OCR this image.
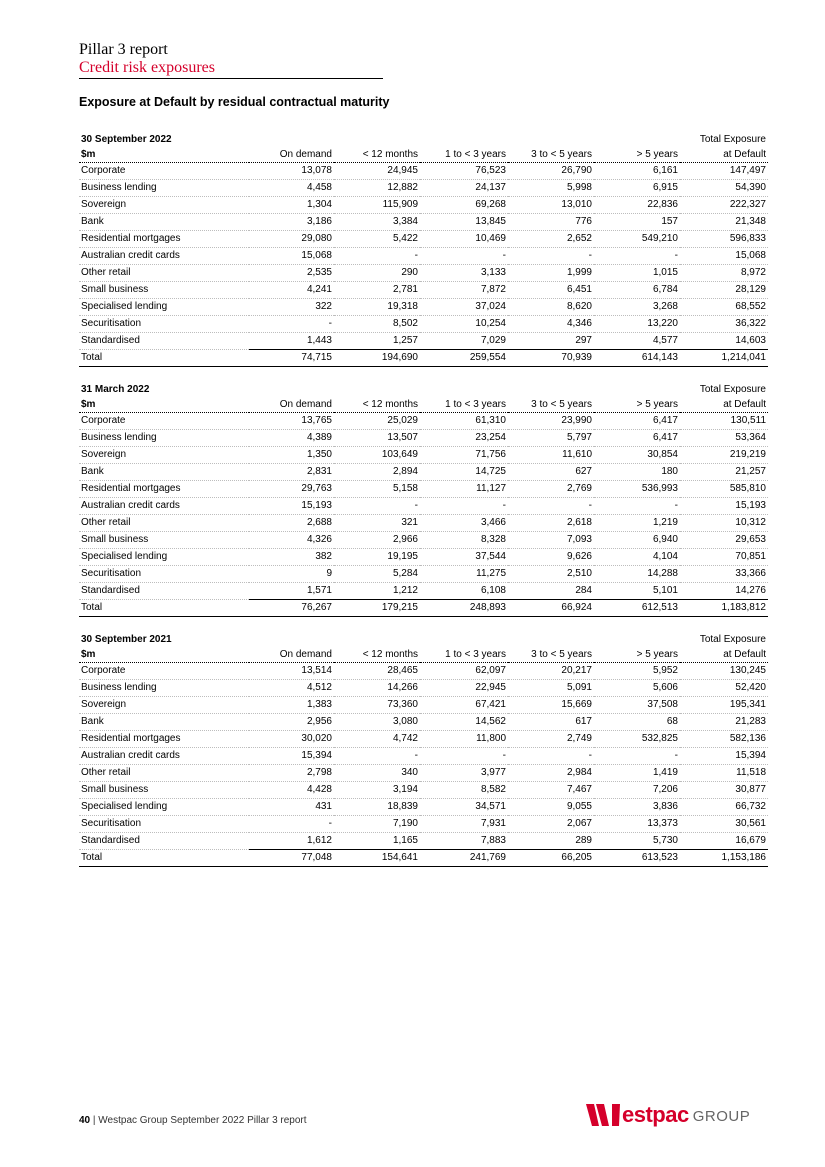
Pillar 3 report
Credit risk exposures
Exposure at Default by residual contractual maturity
30 September 2022						Total Exposure
$m	On demand	< 12 months	1 to < 3 years	3 to < 5 years	> 5 years	at Default
Corporate	13,078	24,945	76,523	26,790	6,161	147,497
Business lending	4,458	12,882	24,137	5,998	6,915	54,390
Sovereign	1,304	115,909	69,268	13,010	22,836	222,327
Bank	3,186	3,384	13,845	776	157	21,348
Residential mortgages	29,080	5,422	10,469	2,652	549,210	596,833
Australian credit cards	15,068	-	-	-	-	15,068
Other retail	2,535	290	3,133	1,999	1,015	8,972
Small business	4,241	2,781	7,872	6,451	6,784	28,129
Specialised lending	322	19,318	37,024	8,620	3,268	68,552
Securitisation	-	8,502	10,254	4,346	13,220	36,322
Standardised	1,443	1,257	7,029	297	4,577	14,603
Total	74,715	194,690	259,554	70,939	614,143	1,214,041
31 March 2022						Total Exposure
$m	On demand	< 12 months	1 to < 3 years	3 to < 5 years	> 5 years	at Default
Corporate	13,765	25,029	61,310	23,990	6,417	130,511
Business lending	4,389	13,507	23,254	5,797	6,417	53,364
Sovereign	1,350	103,649	71,756	11,610	30,854	219,219
Bank	2,831	2,894	14,725	627	180	21,257
Residential mortgages	29,763	5,158	11,127	2,769	536,993	585,810
Australian credit cards	15,193	-	-	-	-	15,193
Other retail	2,688	321	3,466	2,618	1,219	10,312
Small business	4,326	2,966	8,328	7,093	6,940	29,653
Specialised lending	382	19,195	37,544	9,626	4,104	70,851
Securitisation	9	5,284	11,275	2,510	14,288	33,366
Standardised	1,571	1,212	6,108	284	5,101	14,276
Total	76,267	179,215	248,893	66,924	612,513	1,183,812
30 September 2021						Total Exposure
$m	On demand	< 12 months	1 to < 3 years	3 to < 5 years	> 5 years	at Default
Corporate	13,514	28,465	62,097	20,217	5,952	130,245
Business lending	4,512	14,266	22,945	5,091	5,606	52,420
Sovereign	1,383	73,360	67,421	15,669	37,508	195,341
Bank	2,956	3,080	14,562	617	68	21,283
Residential mortgages	30,020	4,742	11,800	2,749	532,825	582,136
Australian credit cards	15,394	-	-	-	-	15,394
Other retail	2,798	340	3,977	2,984	1,419	11,518
Small business	4,428	3,194	8,582	7,467	7,206	30,877
Specialised lending	431	18,839	34,571	9,055	3,836	66,732
Securitisation	-	7,190	7,931	2,067	13,373	30,561
Standardised	1,612	1,165	7,883	289	5,730	16,679
Total	77,048	154,641	241,769	66,205	613,523	1,153,186
40 | Westpac Group September 2022 Pillar 3 report	estpac GROUP
